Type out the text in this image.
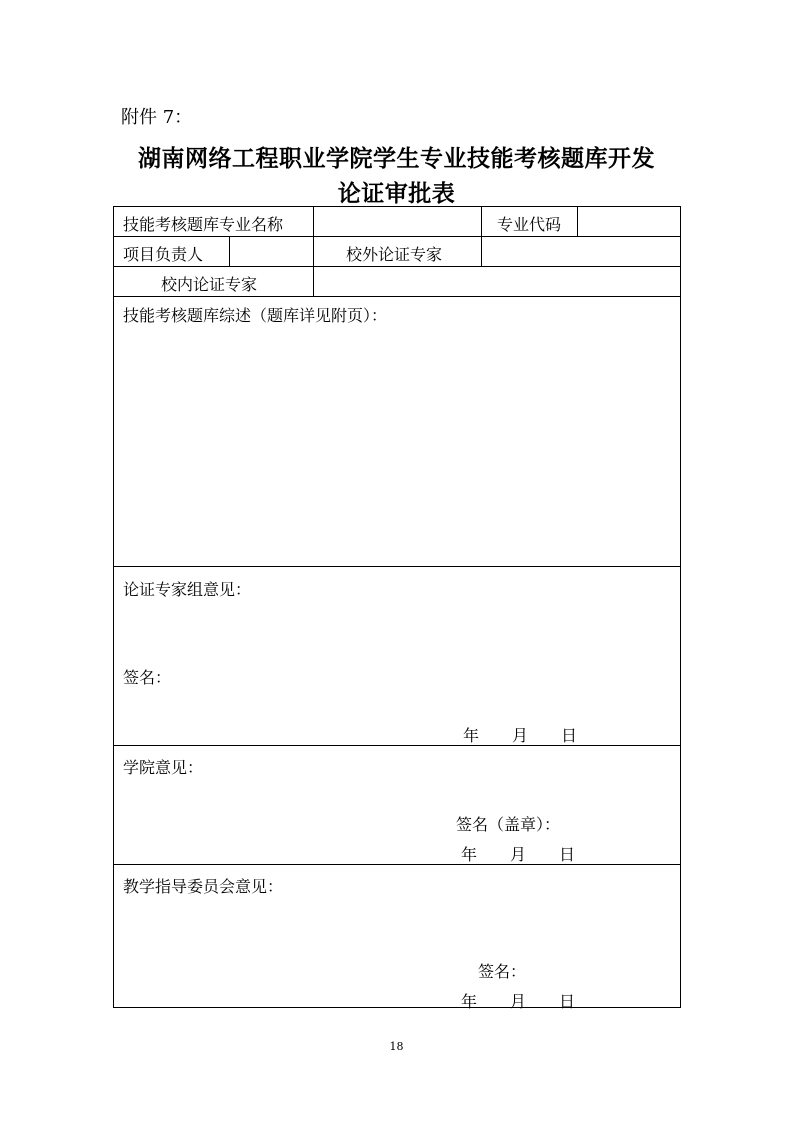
附件 7：
湖南网络工程职业学院学生专业技能考核题库开发
论证审批表
技能考核题库专业名称	专业代码
项目负责人	校外论证专家
校内论证专家
技能考核题库综述（题库详见附页）：
论证专家组意见：
签名：
年 月 日
学院意见：
签名（盖章）：
年 月 日
教学指导委员会意见：
签名：
年 月 日
18
